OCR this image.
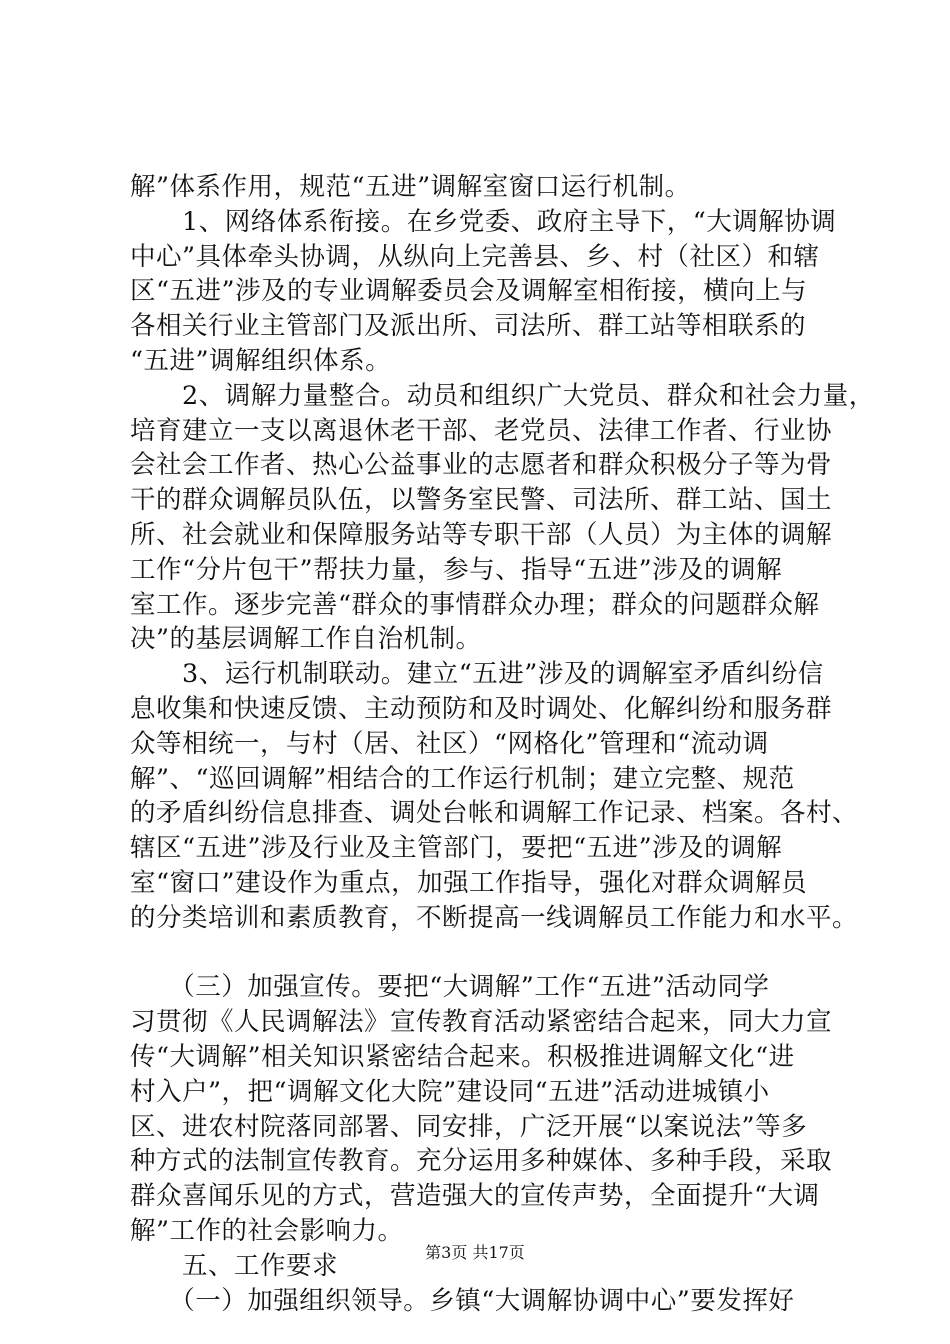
解”体系作用，规范“五进”调解室窗口运行机制。
　　1、网络体系衔接。在乡党委、政府主导下，“大调解协调
中心”具体牵头协调，从纵向上完善县、乡、村（社区）和辖
区“五进”涉及的专业调解委员会及调解室相衔接，横向上与
各相关行业主管部门及派出所、司法所、群工站等相联系的
“五进”调解组织体系。
　　2、调解力量整合。动员和组织广大党员、群众和社会力量，
培育建立一支以离退休老干部、老党员、法律工作者、行业协
会社会工作者、热心公益事业的志愿者和群众积极分子等为骨
干的群众调解员队伍，以警务室民警、司法所、群工站、国土
所、社会就业和保障服务站等专职干部（人员）为主体的调解
工作“分片包干”帮扶力量，参与、指导“五进”涉及的调解
室工作。逐步完善“群众的事情群众办理；群众的问题群众解
决”的基层调解工作自治机制。
　　3、运行机制联动。建立“五进”涉及的调解室矛盾纠纷信
息收集和快速反馈、主动预防和及时调处、化解纠纷和服务群
众等相统一，与村（居、社区）“网格化”管理和“流动调
解”、“巡回调解”相结合的工作运行机制；建立完整、规范
的矛盾纠纷信息排查、调处台帐和调解工作记录、档案。各村、
辖区“五进”涉及行业及主管部门，要把“五进”涉及的调解
室“窗口”建设作为重点，加强工作指导，强化对群众调解员
的分类培训和素质教育，不断提高一线调解员工作能力和水平。
　　（三）加强宣传。要把“大调解”工作“五进”活动同学
习贯彻《人民调解法》宣传教育活动紧密结合起来，同大力宣
传“大调解”相关知识紧密结合起来。积极推进调解文化“进
村入户”，把“调解文化大院”建设同“五进”活动进城镇小
区、进农村院落同部署、同安排，广泛开展“以案说法”等多
种方式的法制宣传教育。充分运用多种媒体、多种手段，采取
群众喜闻乐见的方式，营造强大的宣传声势，全面提升“大调
解”工作的社会影响力。
　　五、工作要求
　　（一）加强组织领导。乡镇“大调解协调中心”要发挥好
第3页 共17页
